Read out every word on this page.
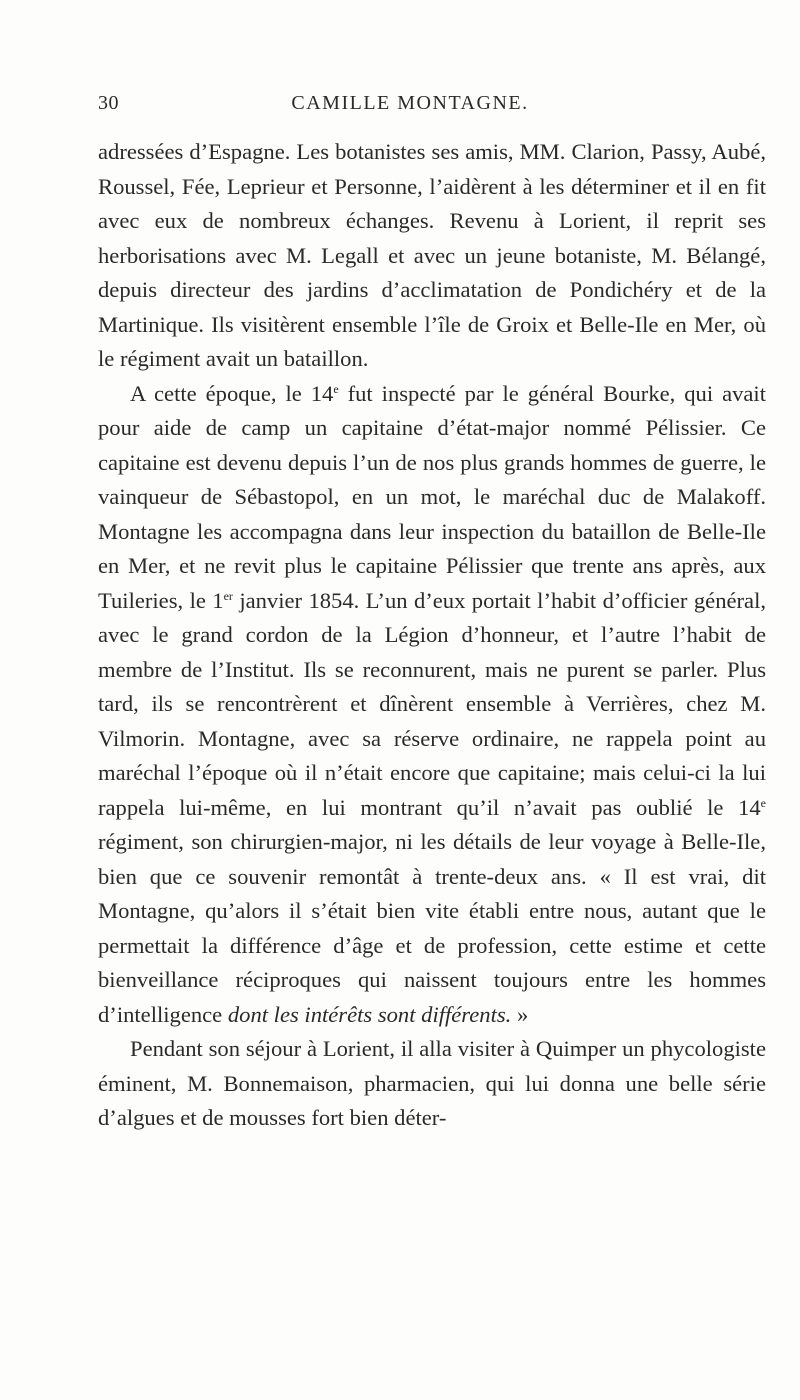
30	CAMILLE MONTAGNE.

adressées d’Espagne. Les botanistes ses amis, MM. Clarion, Passy, Aubé, Roussel, Fée, Leprieur et Personne, l’aidèrent à les déterminer et il en fit avec eux de nombreux échanges. Revenu à Lorient, il reprit ses herborisations avec M. Legall et avec un jeune botaniste, M. Bélangé, depuis directeur des jardins d’acclimatation de Pondichéry et de la Martinique. Ils visitèrent ensemble l’île de Groix et Belle-Ile en Mer, où le régiment avait un bataillon.

A cette époque, le 14e fut inspecté par le général Bourke, qui avait pour aide de camp un capitaine d’état-major nommé Pélissier. Ce capitaine est devenu depuis l’un de nos plus grands hommes de guerre, le vainqueur de Sébastopol, en un mot, le maréchal duc de Malakoff. Montagne les accompagna dans leur inspection du bataillon de Belle-Ile en Mer, et ne revit plus le capitaine Pélissier que trente ans après, aux Tuileries, le 1er janvier 1854. L’un d’eux portait l’habit d’officier général, avec le grand cordon de la Légion d’honneur, et l’autre l’habit de membre de l’Institut. Ils se reconnurent, mais ne purent se parler. Plus tard, ils se rencontrèrent et dînèrent ensemble à Verrières, chez M. Vilmorin. Montagne, avec sa réserve ordinaire, ne rappela point au maréchal l’époque où il n’était encore que capitaine; mais celui-ci la lui rappela lui-même, en lui montrant qu’il n’avait pas oublié le 14e régiment, son chirurgien-major, ni les détails de leur voyage à Belle-Ile, bien que ce souvenir remontât à trente-deux ans. « Il est vrai, dit Montagne, qu’alors il s’était bien vite établi entre nous, autant que le permettait la différence d’âge et de profession, cette estime et cette bienveillance réciproques qui naissent toujours entre les hommes d’intelligence dont les intérêts sont différents. »

Pendant son séjour à Lorient, il alla visiter à Quimper un phycologiste éminent, M. Bonnemaison, pharmacien, qui lui donna une belle série d’algues et de mousses fort bien déter-
